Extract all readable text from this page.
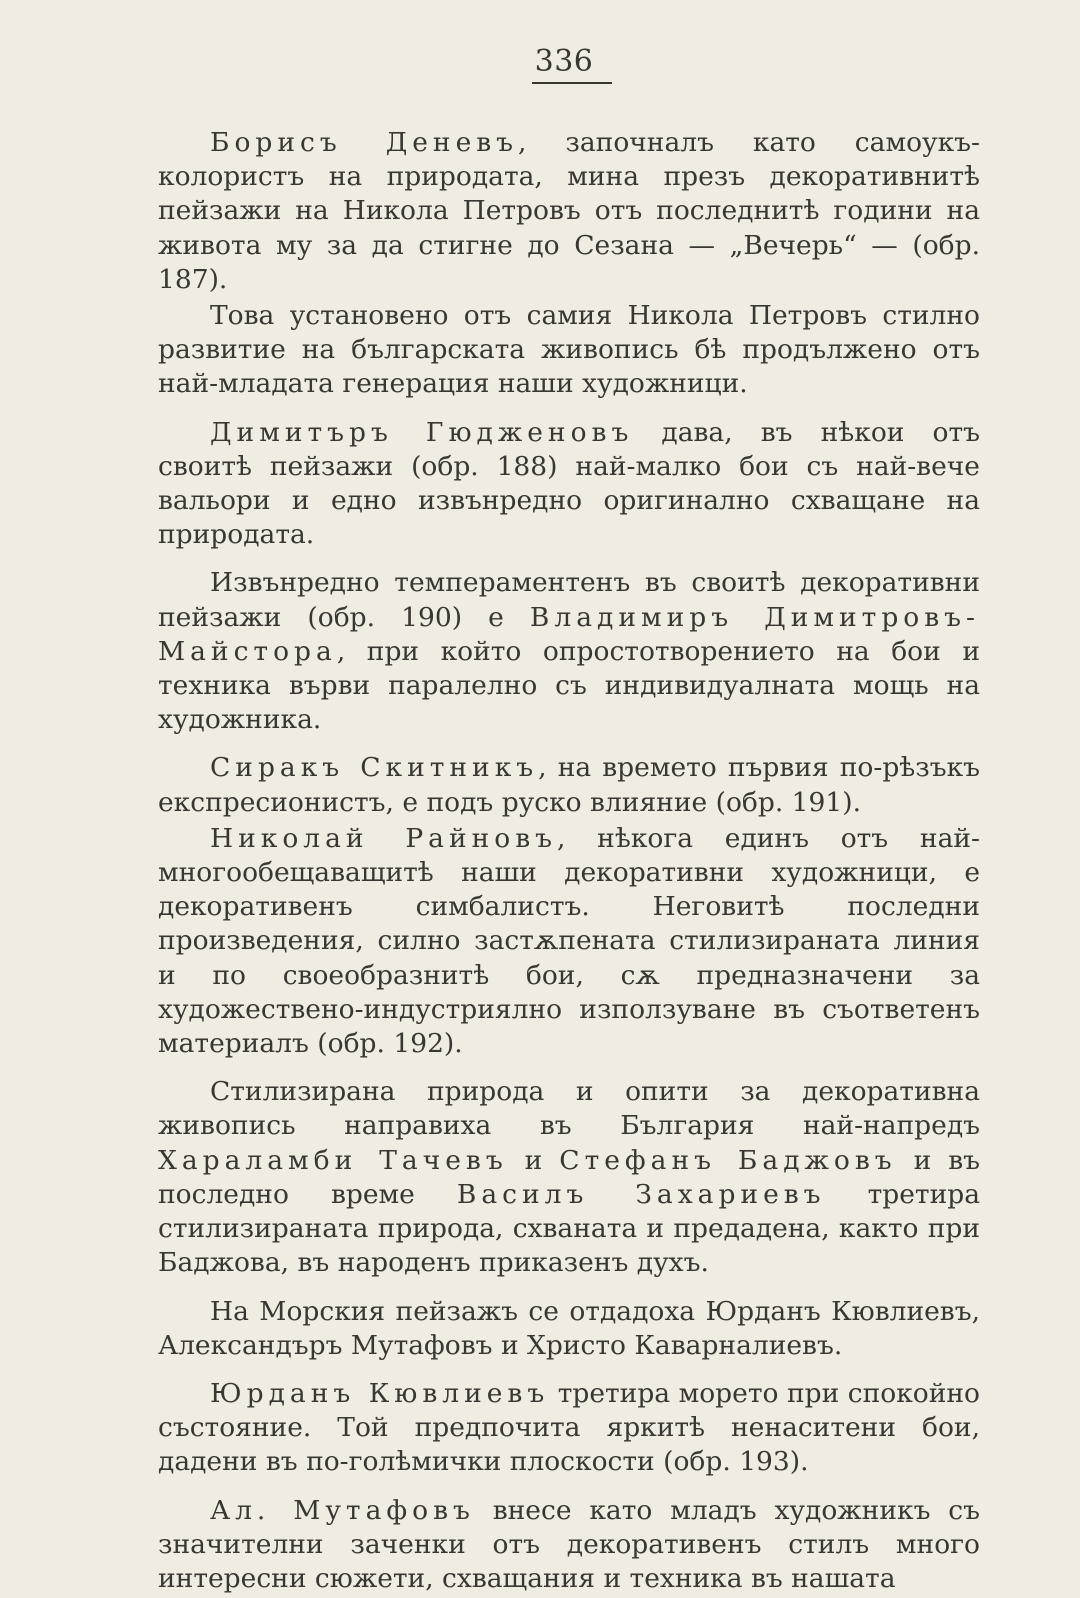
336

Борисъ Деневъ, започналъ като самоукъ-колористъ на природата, мина презъ декоративнитѣ пейзажи на Никола Петровъ отъ последнитѣ години на живота му за да стигне до Сезана — „Вечерь“ — (обр. 187).

Това установено отъ самия Никола Петровъ стилно развитие на българската живопись бѣ продължено отъ най-младата генерация наши художници.

Димитъръ Гюдженовъ дава, въ нѣкои отъ своитѣ пейзажи (обр. 188) най-малко бои съ най-вече вальори и едно извънредно оригинално схващане на природата.

Извънредно темпераментенъ въ своитѣ декоративни пейзажи (обр. 190) е Владимиръ Димитровъ-Майстора, при който опростотворението на бои и техника върви паралелно съ индивидуалната мощь на художника.

Сиракъ Скитникъ, на времето първия по-рѣзъкъ експресионистъ, е подъ руско влияние (обр. 191).

Николай Райновъ, нѣкога единъ отъ най-многообещаващитѣ наши декоративни художници, е декоративенъ симбалистъ. Неговитѣ последни произведения, силно застѫпената стилизираната линия и по своеобразнитѣ бои, сѫ предназначени за художествено-индустриялно използуване въ съответенъ материалъ (обр. 192).

Стилизирана природа и опити за декоративна живопись направиха въ България най-напредъ Хараламби Тачевъ и Стефанъ Баджовъ и въ последно време Василъ Захариевъ третира стилизираната природа, схваната и предадена, както при Баджова, въ народенъ приказенъ духъ.

На Морския пейзажъ се отдадоха Юрданъ Кювлиевъ, Александъръ Мутафовъ и Христо Каварналиевъ.

Юрданъ Кювлиевъ третира морето при спокойно състояние. Той предпочита яркитѣ ненаситени бои, дадени въ по-голѣмички плоскости (обр. 193).

Ал. Мутафовъ внесе като младъ художникъ съ значителни заченки отъ декоративенъ стилъ много интересни сюжети, схващания и техника въ нашата
